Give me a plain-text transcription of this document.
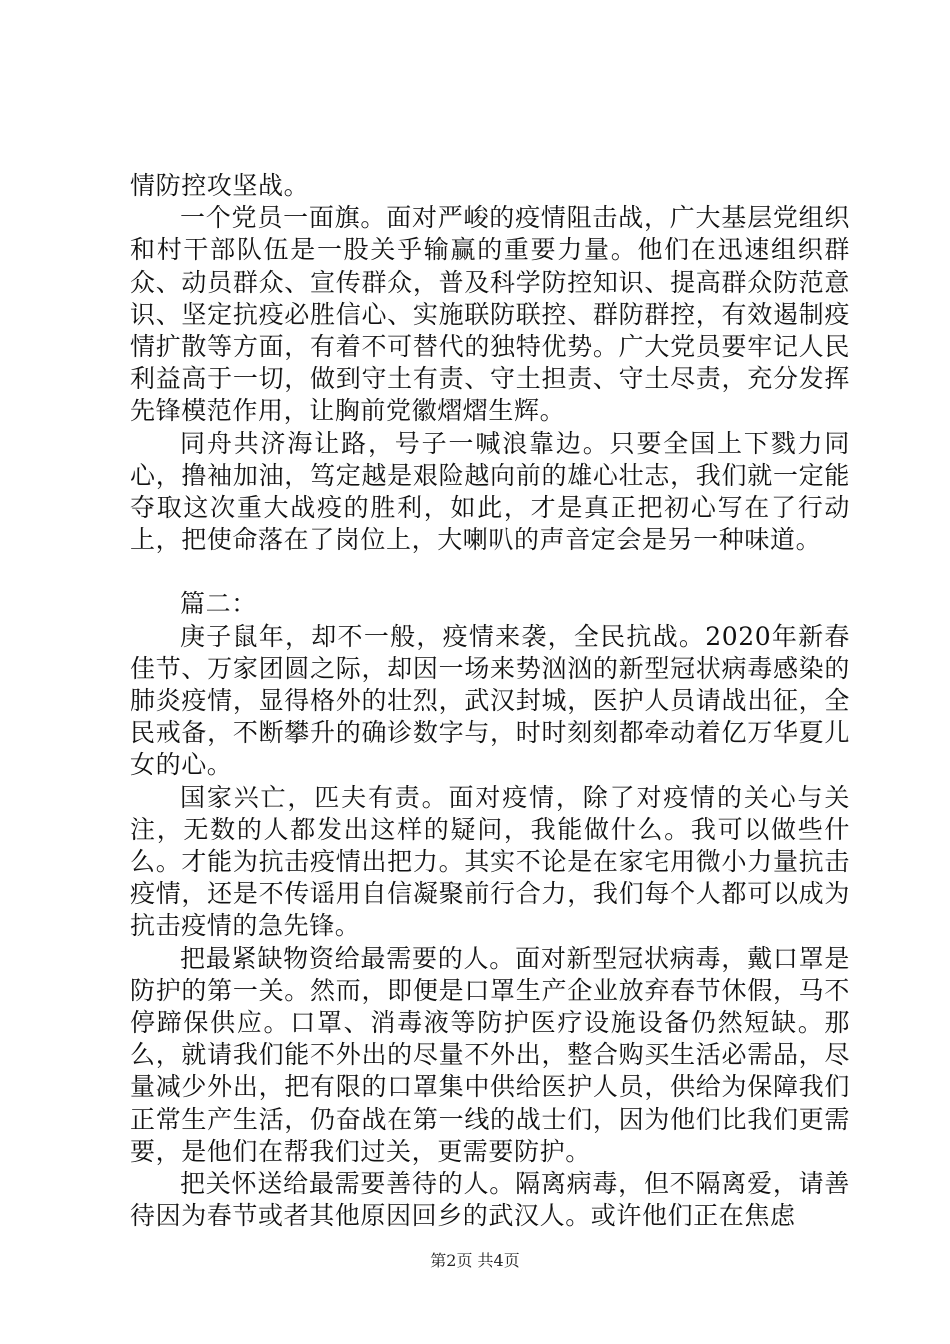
情防控攻坚战。

一个党员一面旗。面对严峻的疫情阻击战，广大基层党组织和村干部队伍是一股关乎输赢的重要力量。他们在迅速组织群众、动员群众、宣传群众，普及科学防控知识、提高群众防范意识、坚定抗疫必胜信心、实施联防联控、群防群控，有效遏制疫情扩散等方面，有着不可替代的独特优势。广大党员要牢记人民利益高于一切，做到守土有责、守土担责、守土尽责，充分发挥先锋模范作用，让胸前党徽熠熠生辉。

同舟共济海让路，号子一喊浪靠边。只要全国上下戮力同心，撸袖加油，笃定越是艰险越向前的雄心壮志，我们就一定能夺取这次重大战疫的胜利，如此，才是真正把初心写在了行动上，把使命落在了岗位上，大喇叭的声音定会是另一种味道。

篇二：

庚子鼠年，却不一般，疫情来袭，全民抗战。2020年新春佳节、万家团圆之际，却因一场来势汹汹的新型冠状病毒感染的肺炎疫情，显得格外的壮烈，武汉封城，医护人员请战出征，全民戒备，不断攀升的确诊数字与，时时刻刻都牵动着亿万华夏儿女的心。

国家兴亡，匹夫有责。面对疫情，除了对疫情的关心与关注，无数的人都发出这样的疑问，我能做什么。我可以做些什么。才能为抗击疫情出把力。其实不论是在家宅用微小力量抗击疫情，还是不传谣用自信凝聚前行合力，我们每个人都可以成为抗击疫情的急先锋。

把最紧缺物资给最需要的人。面对新型冠状病毒，戴口罩是防护的第一关。然而，即便是口罩生产企业放弃春节休假，马不停蹄保供应。口罩、消毒液等防护医疗设施设备仍然短缺。那么，就请我们能不外出的尽量不外出，整合购买生活必需品，尽量减少外出，把有限的口罩集中供给医护人员，供给为保障我们正常生产生活，仍奋战在第一线的战士们，因为他们比我们更需要，是他们在帮我们过关，更需要防护。

把关怀送给最需要善待的人。隔离病毒，但不隔离爱，请善待因为春节或者其他原因回乡的武汉人。或许他们正在焦虑

第2页 共4页
